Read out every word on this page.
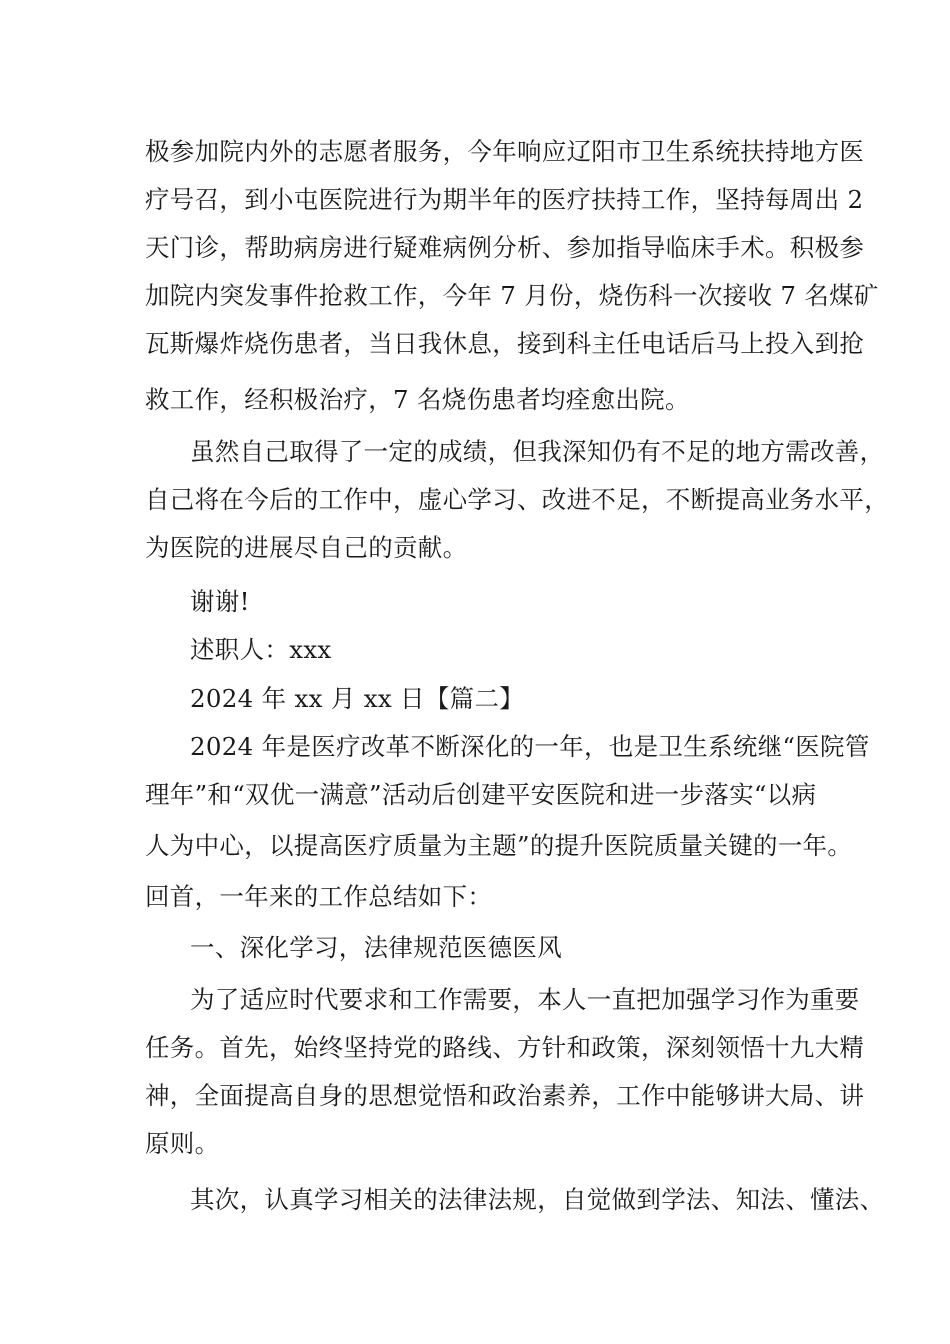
极参加院内外的志愿者服务，今年响应辽阳市卫生系统扶持地方医
疗号召，到小屯医院进行为期半年的医疗扶持工作，坚持每周出 2
天门诊，帮助病房进行疑难病例分析、参加指导临床手术。积极参
加院内突发事件抢救工作，今年 7 月份，烧伤科一次接收 7 名煤矿
瓦斯爆炸烧伤患者，当日我休息，接到科主任电话后马上投入到抢
救工作，经积极治疗，7 名烧伤患者均痊愈出院。
虽然自己取得了一定的成绩，但我深知仍有不足的地方需改善，
自己将在今后的工作中，虚心学习、改进不足，不断提高业务水平，
为医院的进展尽自己的贡献。
谢谢!
述职人：xxx
2024 年 xx 月 xx 日【篇二】
2024 年是医疗改革不断深化的一年，也是卫生系统继“医院管
理年”和“双优一满意”活动后创建平安医院和进一步落实“以病
人为中心，以提高医疗质量为主题”的提升医院质量关键的一年。
回首，一年来的工作总结如下：
一、深化学习，法律规范医德医风
为了适应时代要求和工作需要，本人一直把加强学习作为重要
任务。首先，始终坚持党的路线、方针和政策，深刻领悟十九大精
神，全面提高自身的思想觉悟和政治素养，工作中能够讲大局、讲
原则。
其次，认真学习相关的法律法规，自觉做到学法、知法、懂法、
